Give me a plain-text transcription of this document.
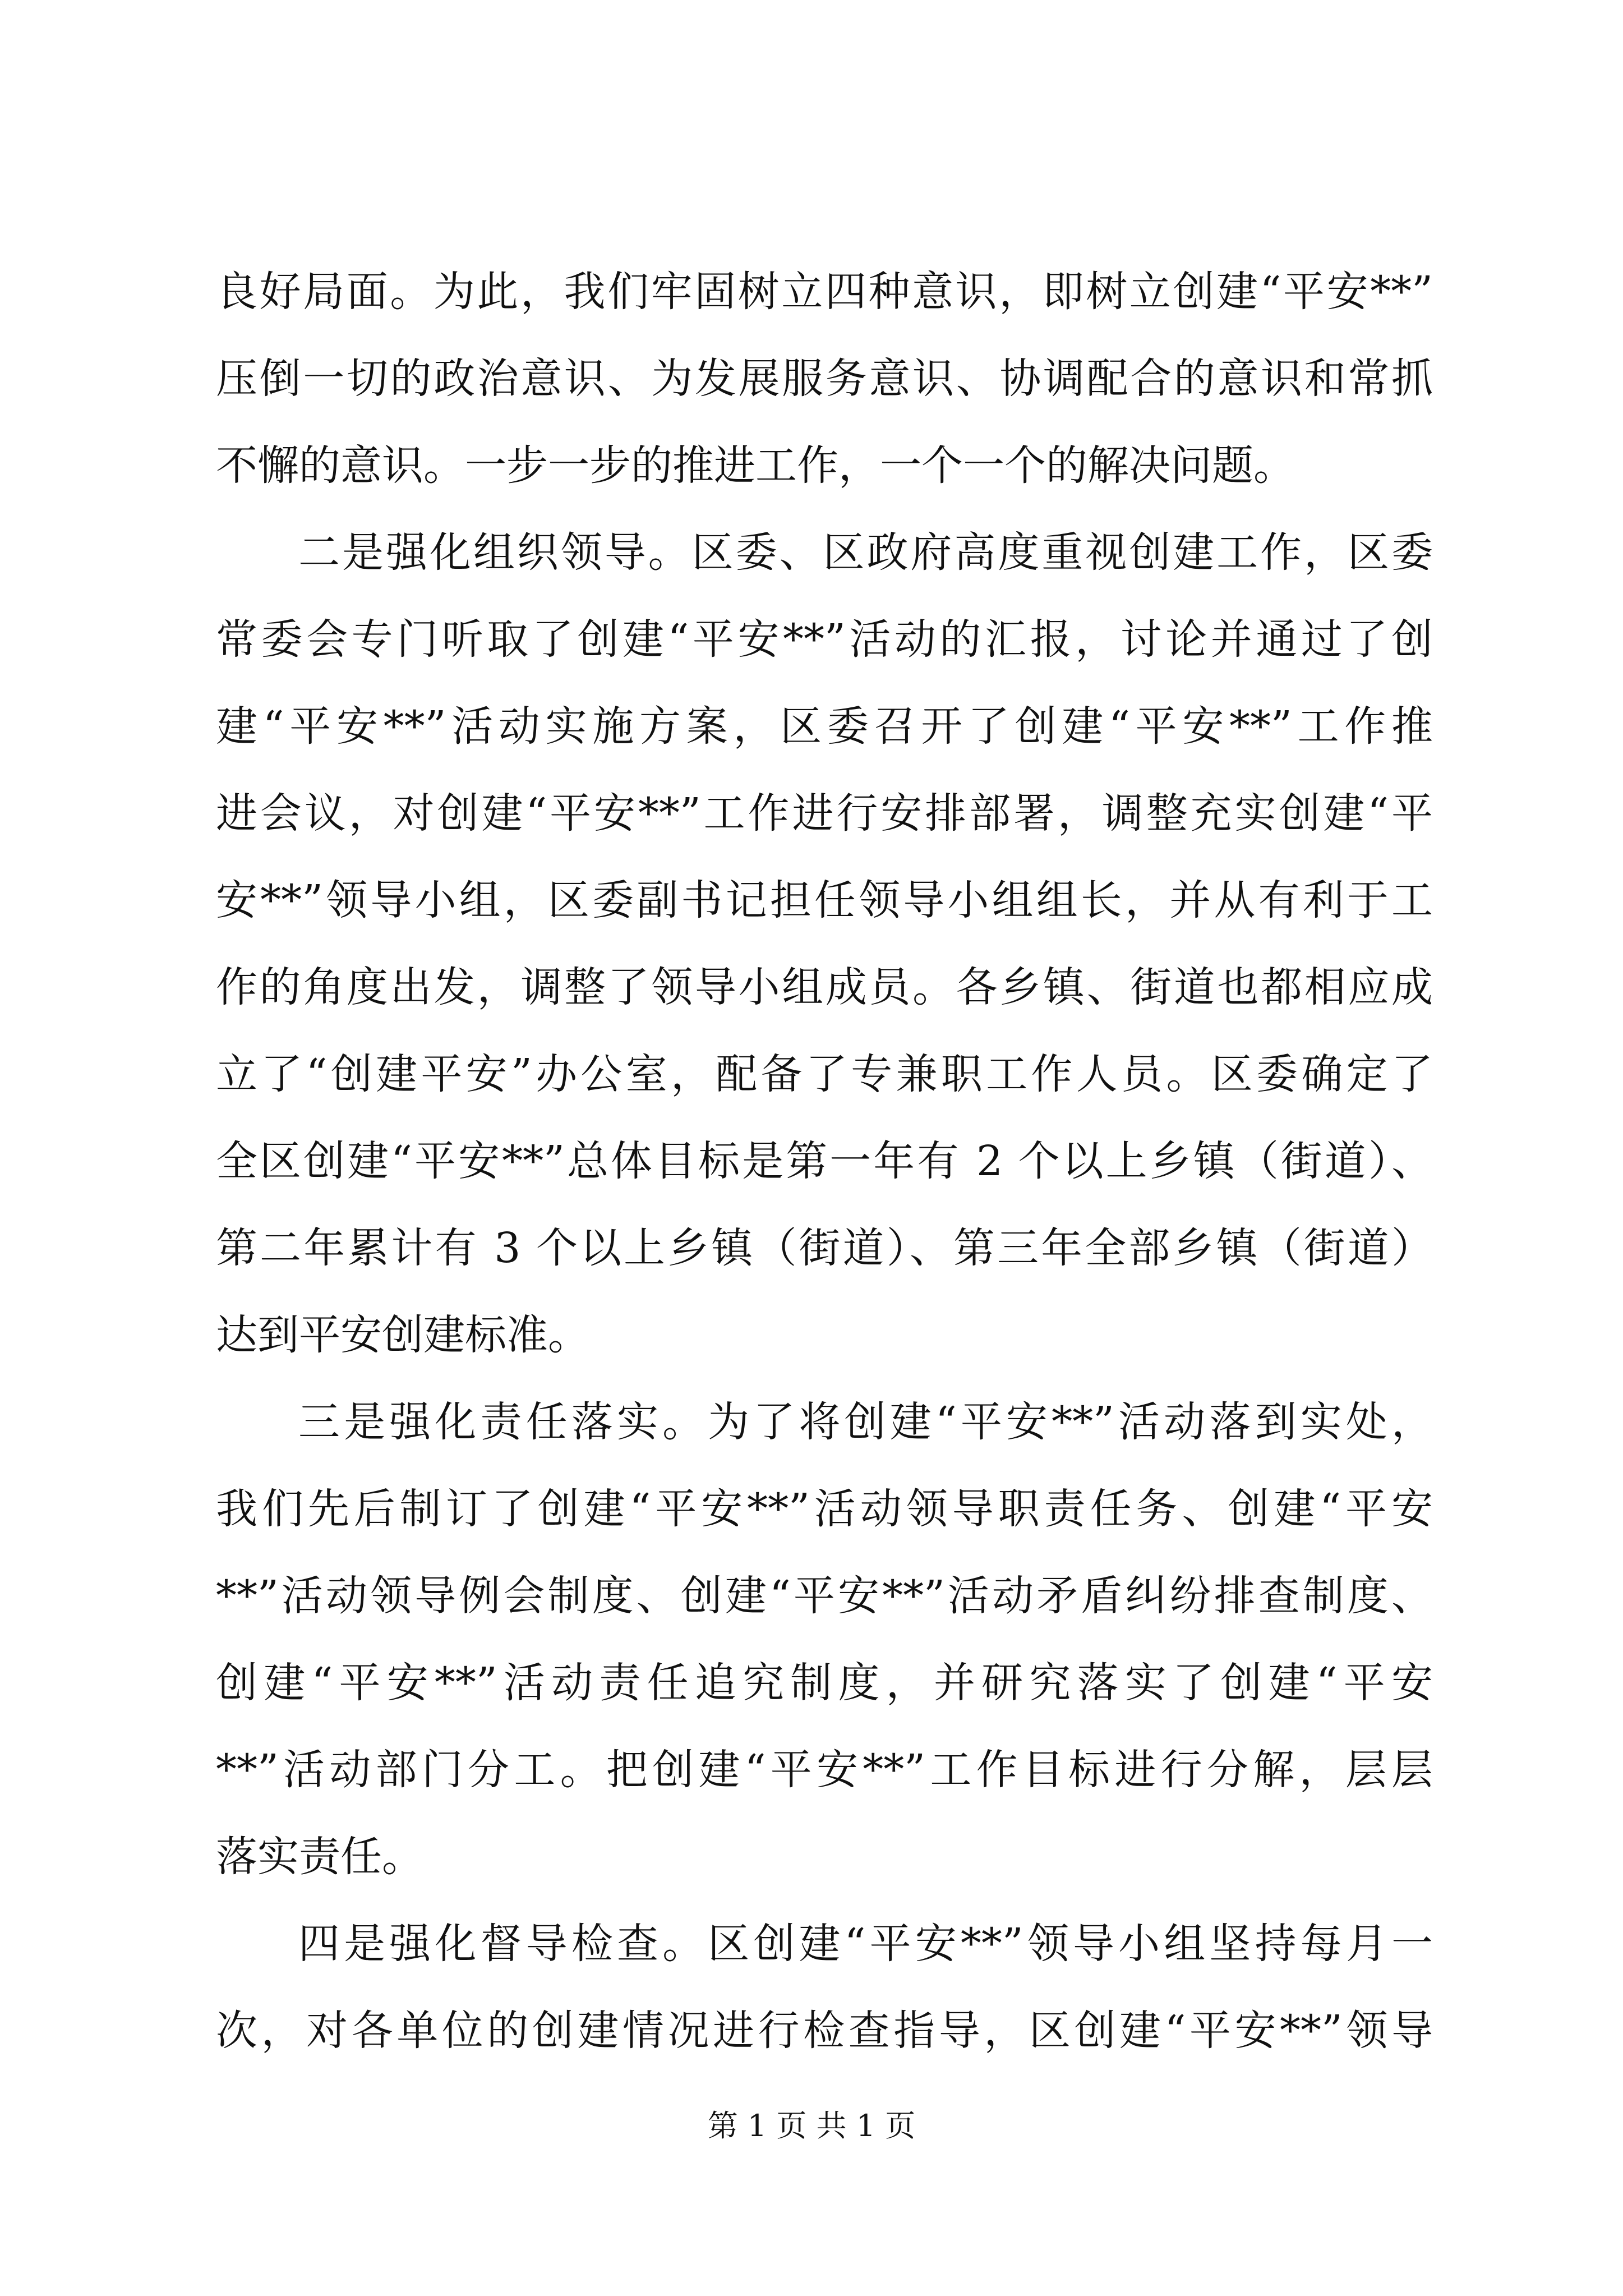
良好局面。为此，我们牢固树立四种意识，即树立创建“平安**”
压倒一切的政治意识、为发展服务意识、协调配合的意识和常抓
不懈的意识。一步一步的推进工作，一个一个的解决问题。
二是强化组织领导。区委、区政府高度重视创建工作，区委
常委会专门听取了创建“平安**”活动的汇报，讨论并通过了创
建“平安**”活动实施方案，区委召开了创建“平安**”工作推
进会议，对创建“平安**”工作进行安排部署，调整充实创建“平
安**”领导小组，区委副书记担任领导小组组长，并从有利于工
作的角度出发，调整了领导小组成员。各乡镇、街道也都相应成
立了“创建平安”办公室，配备了专兼职工作人员。区委确定了
全区创建“平安**”总体目标是第一年有 2 个以上乡镇（街道）、
第二年累计有 3 个以上乡镇（街道）、第三年全部乡镇（街道）
达到平安创建标准。
三是强化责任落实。为了将创建“平安**”活动落到实处，
我们先后制订了创建“平安**”活动领导职责任务、创建“平安
**”活动领导例会制度、创建“平安**”活动矛盾纠纷排查制度、
创建“平安**”活动责任追究制度，并研究落实了创建“平安
**”活动部门分工。把创建“平安**”工作目标进行分解，层层
落实责任。
四是强化督导检查。区创建“平安**”领导小组坚持每月一
次，对各单位的创建情况进行检查指导，区创建“平安**”领导
第 1 页 共 1 页
